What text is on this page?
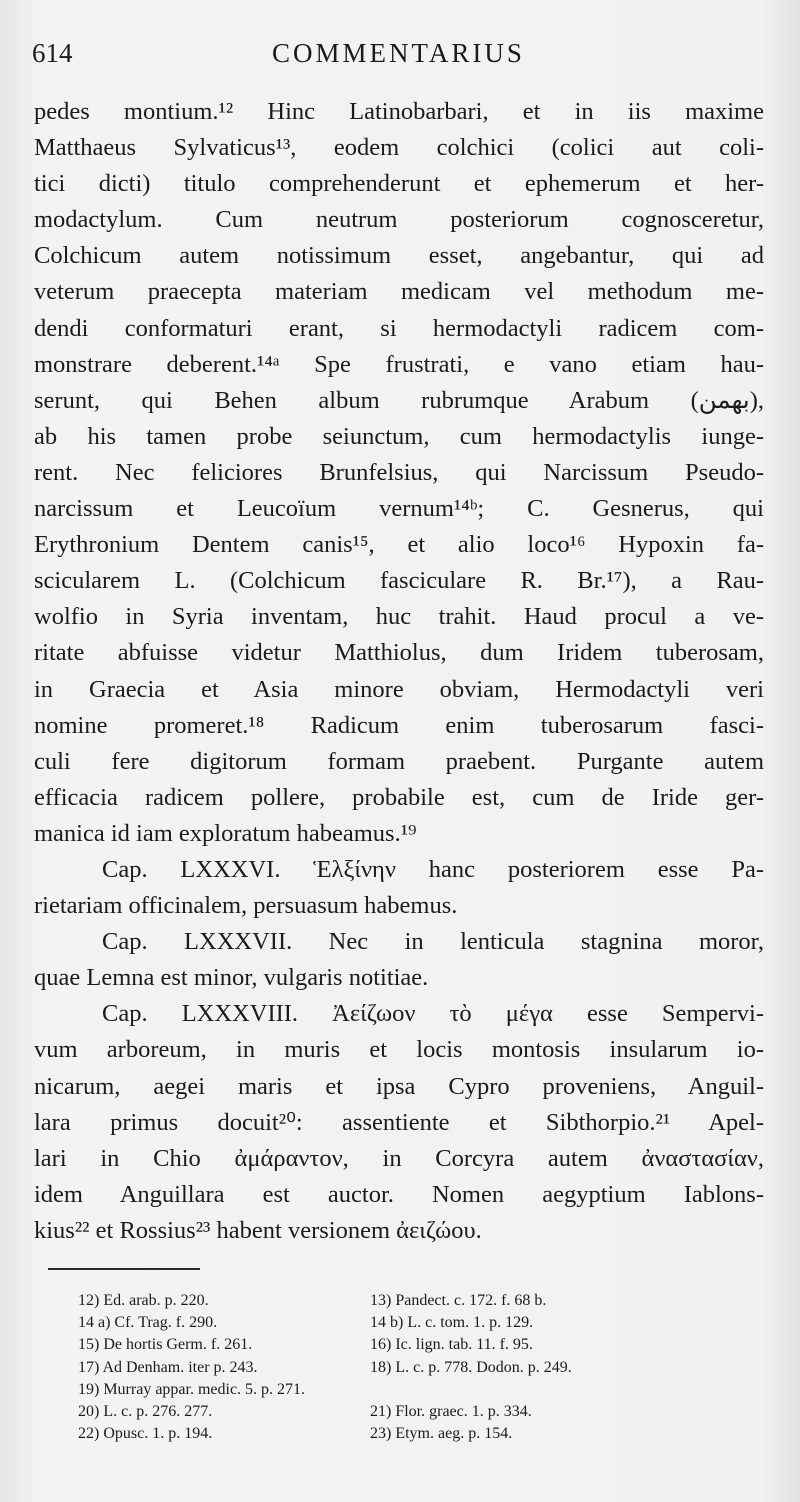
614	COMMENTARIUS
pedes montium.¹² Hinc Latinobarbari, et in iis maxime
Matthaeus Sylvaticus¹³, eodem colchici (colici aut coli-
tici dicti) titulo comprehenderunt et ephemerum et her-
modactylum. Cum neutrum posteriorum cognosceretur,
Colchicum autem notissimum esset, angebantur, qui ad
veterum praecepta materiam medicam vel methodum me-
dendi conformaturi erant, si hermodactyli radicem com-
monstrare deberent.¹⁴ᵃ Spe frustrati, e vano etiam hau-
serunt, qui Behen album rubrumque Arabum (بهمن),
ab his tamen probe seiunctum, cum hermodactylis iunge-
rent. Nec feliciores Brunfelsius, qui Narcissum Pseudo-
narcissum et Leucoïum vernum¹⁴ᵇ; C. Gesnerus, qui
Erythronium Dentem canis¹⁵, et alio loco¹⁶ Hypoxin fa-
scicularem L. (Colchicum fasciculare R. Br.¹⁷), a Rau-
wolfio in Syria inventam, huc trahit. Haud procul a ve-
ritate abfuisse videtur Matthiolus, dum Iridem tuberosam,
in Graecia et Asia minore obviam, Hermodactyli veri
nomine promeret.¹⁸ Radicum enim tuberosarum fasci-
culi fere digitorum formam praebent. Purgante autem
efficacia radicem pollere, probabile est, cum de Iride ger-
manica id iam exploratum habeamus.¹⁹
Cap. LXXXVI. Ἑλξίνην hanc posteriorem esse Pa-
rietariam officinalem, persuasum habemus.
Cap. LXXXVII. Nec in lenticula stagnina moror,
quae Lemna est minor, vulgaris notitiae.
Cap. LXXXVIII. Ἀείζωον τὸ μέγα esse Sempervi-
vum arboreum, in muris et locis montosis insularum io-
nicarum, aegei maris et ipsa Cypro proveniens, Anguil-
lara primus docuit²⁰: assentiente et Sibthorpio.²¹ Apel-
lari in Chio ἀμάραντον, in Corcyra autem ἀναστασίαν,
idem Anguillara est auctor. Nomen aegyptium Iablons-
kius²² et Rossius²³ habent versionem ἀειζώου.
12) Ed. arab. p. 220.	13) Pandect. c. 172. f. 68 b.
14 a) Cf. Trag. f. 290.	14 b) L. c. tom. 1. p. 129.
15) De hortis Germ. f. 261.	16) Ic. lign. tab. 11. f. 95.
17) Ad Denham. iter p. 243.	18) L. c. p. 778. Dodon. p. 249.
19) Murray appar. medic. 5. p. 271.
20) L. c. p. 276. 277.	21) Flor. graec. 1. p. 334.
22) Opusc. 1. p. 194.	23) Etym. aeg. p. 154.
